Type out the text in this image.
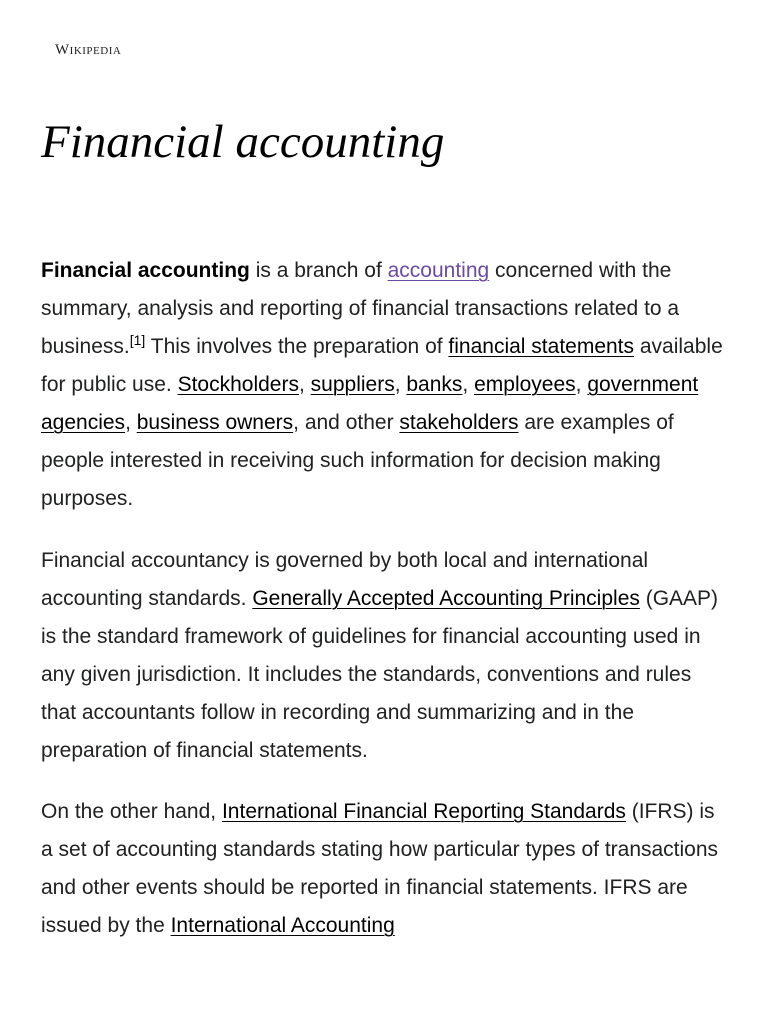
Wikipedia
Financial accounting

Financial accounting is a branch of accounting concerned with the summary, analysis and reporting of financial transactions related to a business.[1] This involves the preparation of financial statements available for public use. Stockholders, suppliers, banks, employees, government agencies, business owners, and other stakeholders are examples of people interested in receiving such information for decision making purposes.

Financial accountancy is governed by both local and international accounting standards. Generally Accepted Accounting Principles (GAAP) is the standard framework of guidelines for financial accounting used in any given jurisdiction. It includes the standards, conventions and rules that accountants follow in recording and summarizing and in the preparation of financial statements.

On the other hand, International Financial Reporting Standards (IFRS) is a set of accounting standards stating how particular types of transactions and other events should be reported in financial statements. IFRS are issued by the International Accounting
